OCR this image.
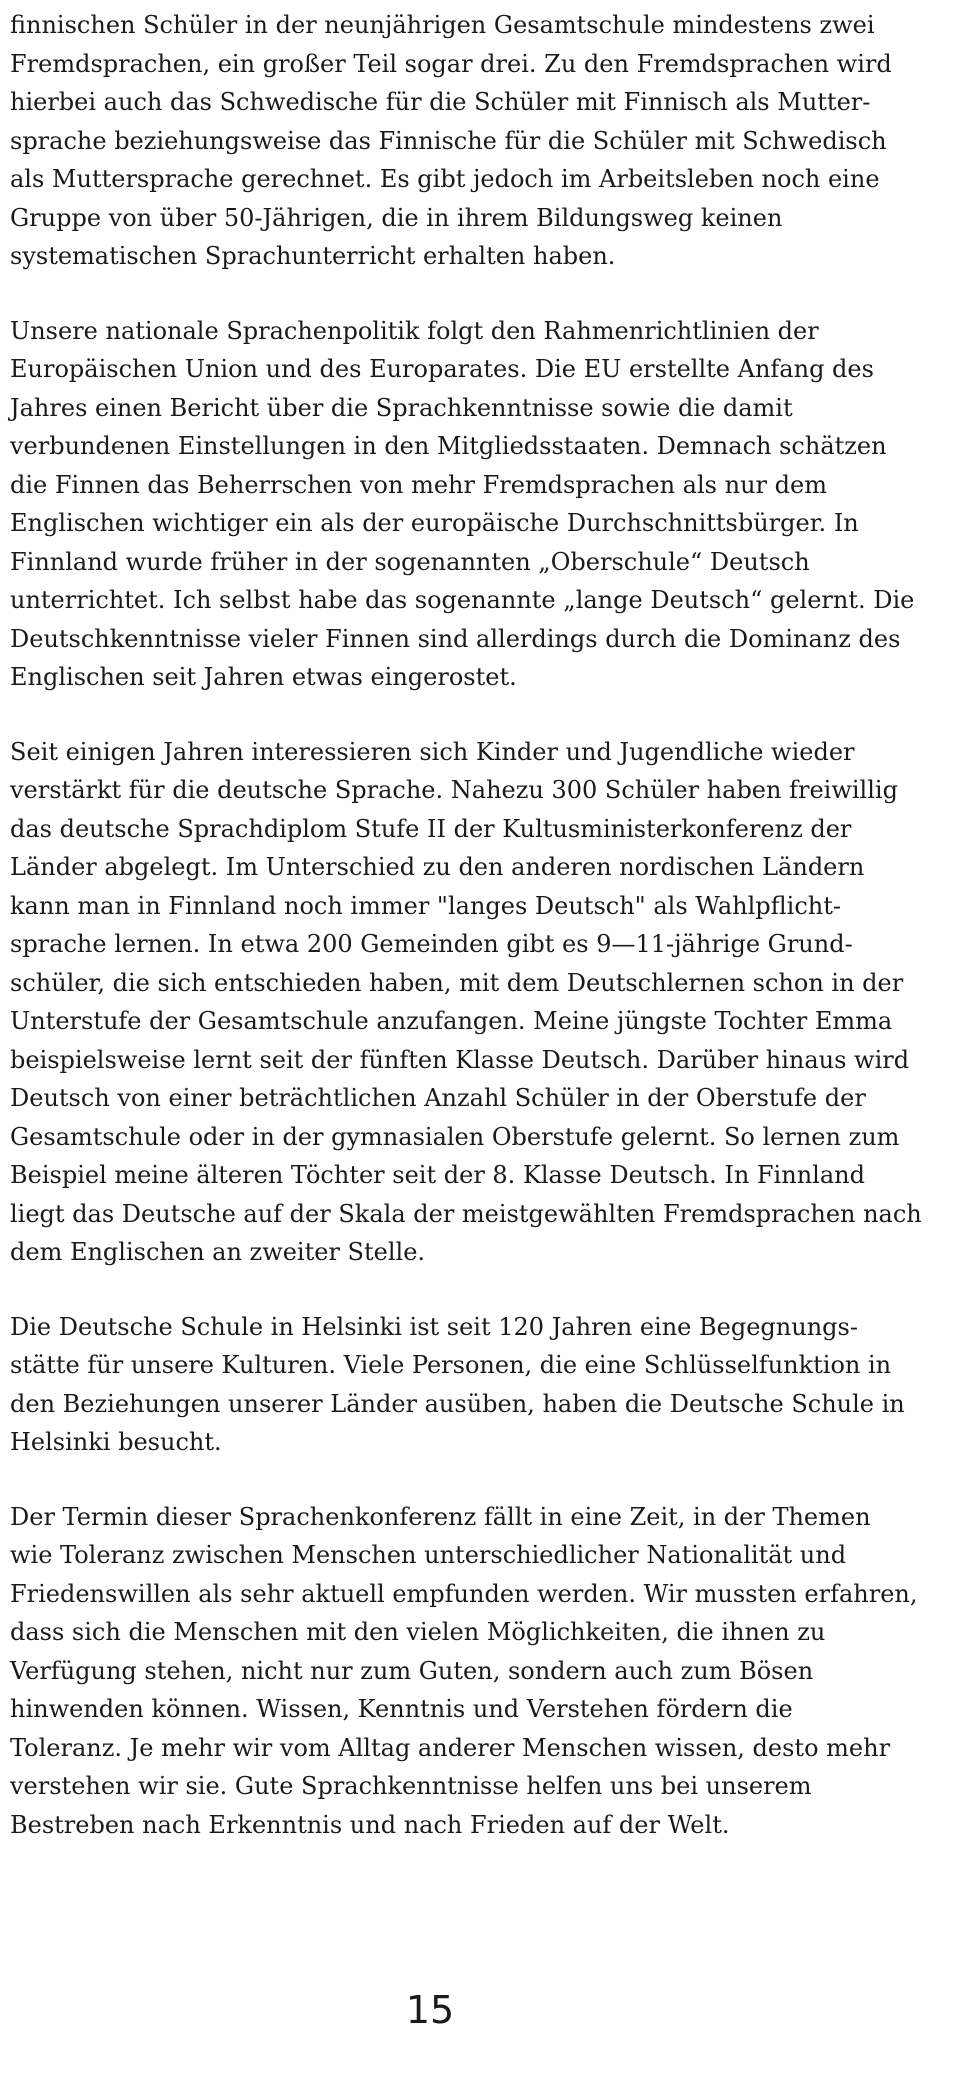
finnischen Schüler in der neunjährigen Gesamtschule mindestens zwei
Fremdsprachen, ein großer Teil sogar drei. Zu den Fremdsprachen wird
hierbei auch das Schwedische für die Schüler mit Finnisch als Mutter-
sprache beziehungsweise das Finnische für die Schüler mit Schwedisch
als Muttersprache gerechnet. Es gibt jedoch im Arbeitsleben noch eine
Gruppe von über 50-Jährigen, die in ihrem Bildungsweg keinen
systematischen Sprachunterricht erhalten haben.

Unsere nationale Sprachenpolitik folgt den Rahmenrichtlinien der
Europäischen Union und des Europarates. Die EU erstellte Anfang des
Jahres einen Bericht über die Sprachkenntnisse sowie die damit
verbundenen Einstellungen in den Mitgliedsstaaten. Demnach schätzen
die Finnen das Beherrschen von mehr Fremdsprachen als nur dem
Englischen wichtiger ein als der europäische Durchschnittsbürger. In
Finnland wurde früher in der sogenannten „Oberschule“ Deutsch
unterrichtet. Ich selbst habe das sogenannte „lange Deutsch“ gelernt. Die
Deutschkenntnisse vieler Finnen sind allerdings durch die Dominanz des
Englischen seit Jahren etwas eingerostet.

Seit einigen Jahren interessieren sich Kinder und Jugendliche wieder
verstärkt für die deutsche Sprache. Nahezu 300 Schüler haben freiwillig
das deutsche Sprachdiplom Stufe II der Kultusministerkonferenz der
Länder abgelegt. Im Unterschied zu den anderen nordischen Ländern
kann man in Finnland noch immer "langes Deutsch" als Wahlpflicht-
sprache lernen. In etwa 200 Gemeinden gibt es 9—11-jährige Grund-
schüler, die sich entschieden haben, mit dem Deutschlernen schon in der
Unterstufe der Gesamtschule anzufangen. Meine jüngste Tochter Emma
beispielsweise lernt seit der fünften Klasse Deutsch. Darüber hinaus wird
Deutsch von einer beträchtlichen Anzahl Schüler in der Oberstufe der
Gesamtschule oder in der gymnasialen Oberstufe gelernt. So lernen zum
Beispiel meine älteren Töchter seit der 8. Klasse Deutsch. In Finnland
liegt das Deutsche auf der Skala der meistgewählten Fremdsprachen nach
dem Englischen an zweiter Stelle.

Die Deutsche Schule in Helsinki ist seit 120 Jahren eine Begegnungs-
stätte für unsere Kulturen. Viele Personen, die eine Schlüsselfunktion in
den Beziehungen unserer Länder ausüben, haben die Deutsche Schule in
Helsinki besucht.

Der Termin dieser Sprachenkonferenz fällt in eine Zeit, in der Themen
wie Toleranz zwischen Menschen unterschiedlicher Nationalität und
Friedenswillen als sehr aktuell empfunden werden. Wir mussten erfahren,
dass sich die Menschen mit den vielen Möglichkeiten, die ihnen zu
Verfügung stehen, nicht nur zum Guten, sondern auch zum Bösen
hinwenden können. Wissen, Kenntnis und Verstehen fördern die
Toleranz. Je mehr wir vom Alltag anderer Menschen wissen, desto mehr
verstehen wir sie. Gute Sprachkenntnisse helfen uns bei unserem
Bestreben nach Erkenntnis und nach Frieden auf der Welt.

15
